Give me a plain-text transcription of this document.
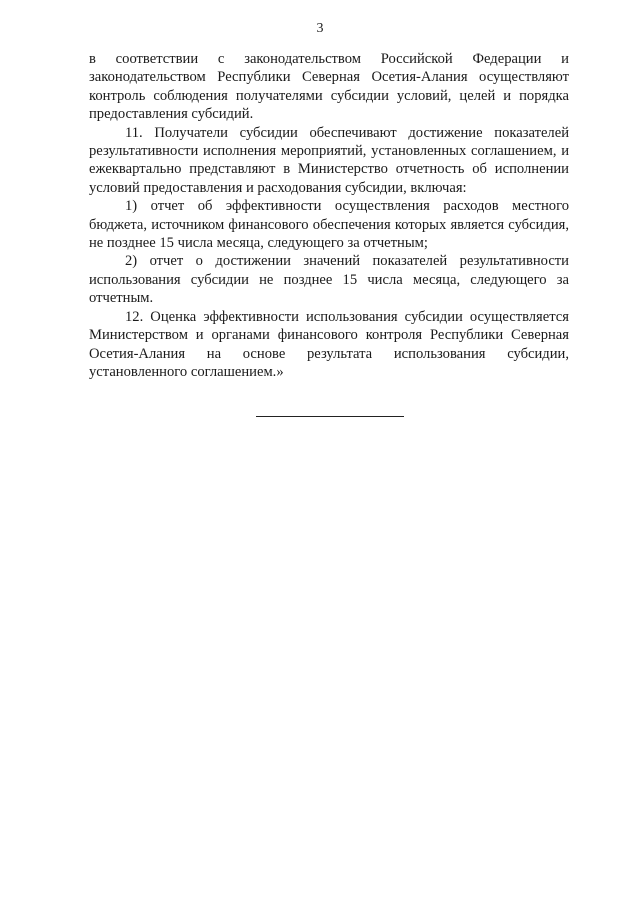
3

в соответствии с законодательством Российской Федерации и законодательством Республики Северная Осетия-Алания осуществляют контроль соблюдения получателями субсидии условий, целей и порядка предоставления субсидий.

11. Получатели субсидии обеспечивают достижение показателей результативности исполнения мероприятий, установленных соглашением, и ежеквартально представляют в Министерство отчетность об исполнении условий предоставления и расходования субсидии, включая:

1) отчет об эффективности осуществления расходов местного бюджета, источником финансового обеспечения которых является субсидия, не позднее 15 числа месяца, следующего за отчетным;

2) отчет о достижении значений показателей результативности использования субсидии не позднее 15 числа месяца, следующего за отчетным.

12. Оценка эффективности использования субсидии осуществляется Министерством и органами финансового контроля Республики Северная Осетия-Алания на основе результата использования субсидии, установленного соглашением.»
